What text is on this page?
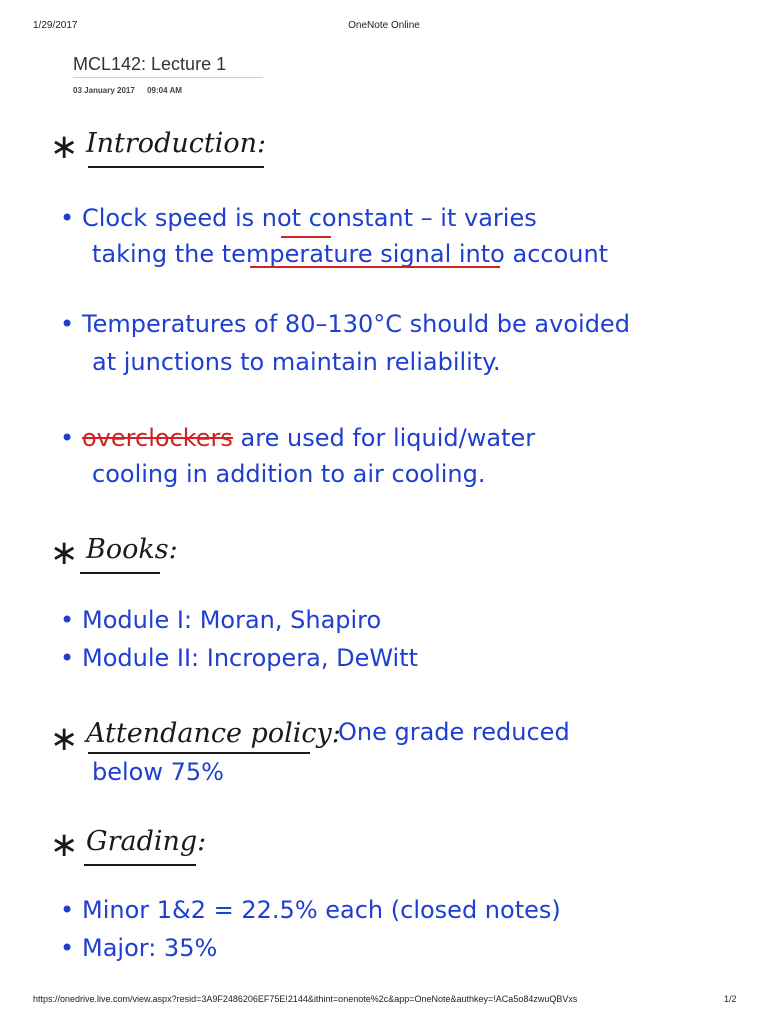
1/29/2017	OneNote Online
MCL142: Lecture 1
03 January 2017 09:04 AM
∗ Introduction:
• Clock speed is not constant – it varies
taking the temperature signal into account
• Temperatures of 80–130°C should be avoided
at junctions to maintain reliability.
• overclockers are used for liquid/water
cooling in addition to air cooling.
∗ Books:
• Module I: Moran, Shapiro
• Module II: Incropera, DeWitt
∗ Attendance policy:
One grade reduced
below 75%
∗ Grading:
• Minor 1&2 = 22.5% each (closed notes)
• Major: 35%
https://onedrive.live.com/view.aspx?resid=3A9F2486206EF75E!2144&ithint=onenote%2c&app=OneNote&authkey=!ACa5o84zwuQBVxs	1/2
